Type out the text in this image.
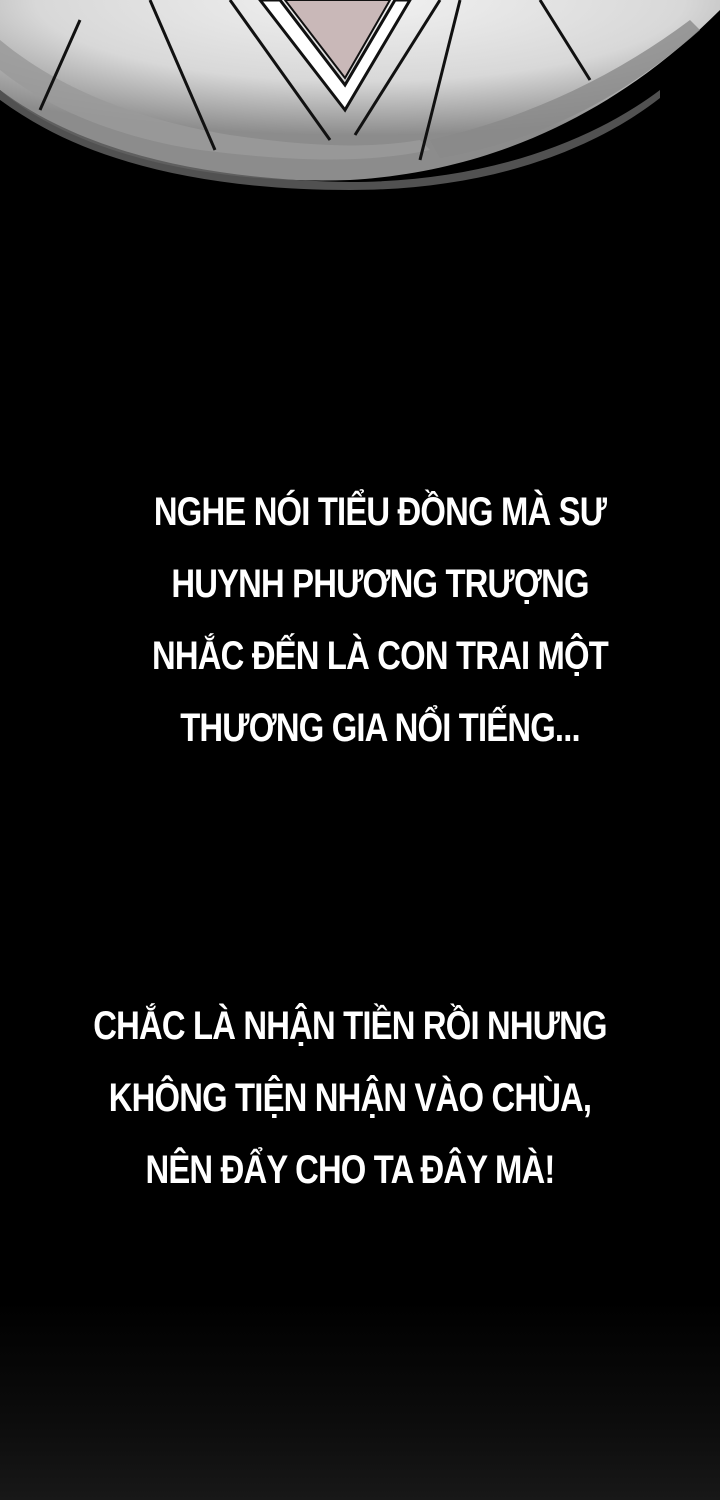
NGHE NÓI TIỂU ĐỒNG MÀ SƯ
HUYNH PHƯƠNG TRƯỢNG
NHẮC ĐẾN LÀ CON TRAI MỘT
THƯƠNG GIA NỔI TIẾNG...
CHẮC LÀ NHẬN TIỀN RỒI NHƯNG
KHÔNG TIỆN NHẬN VÀO CHÙA,
NÊN ĐẨY CHO TA ĐÂY MÀ!
